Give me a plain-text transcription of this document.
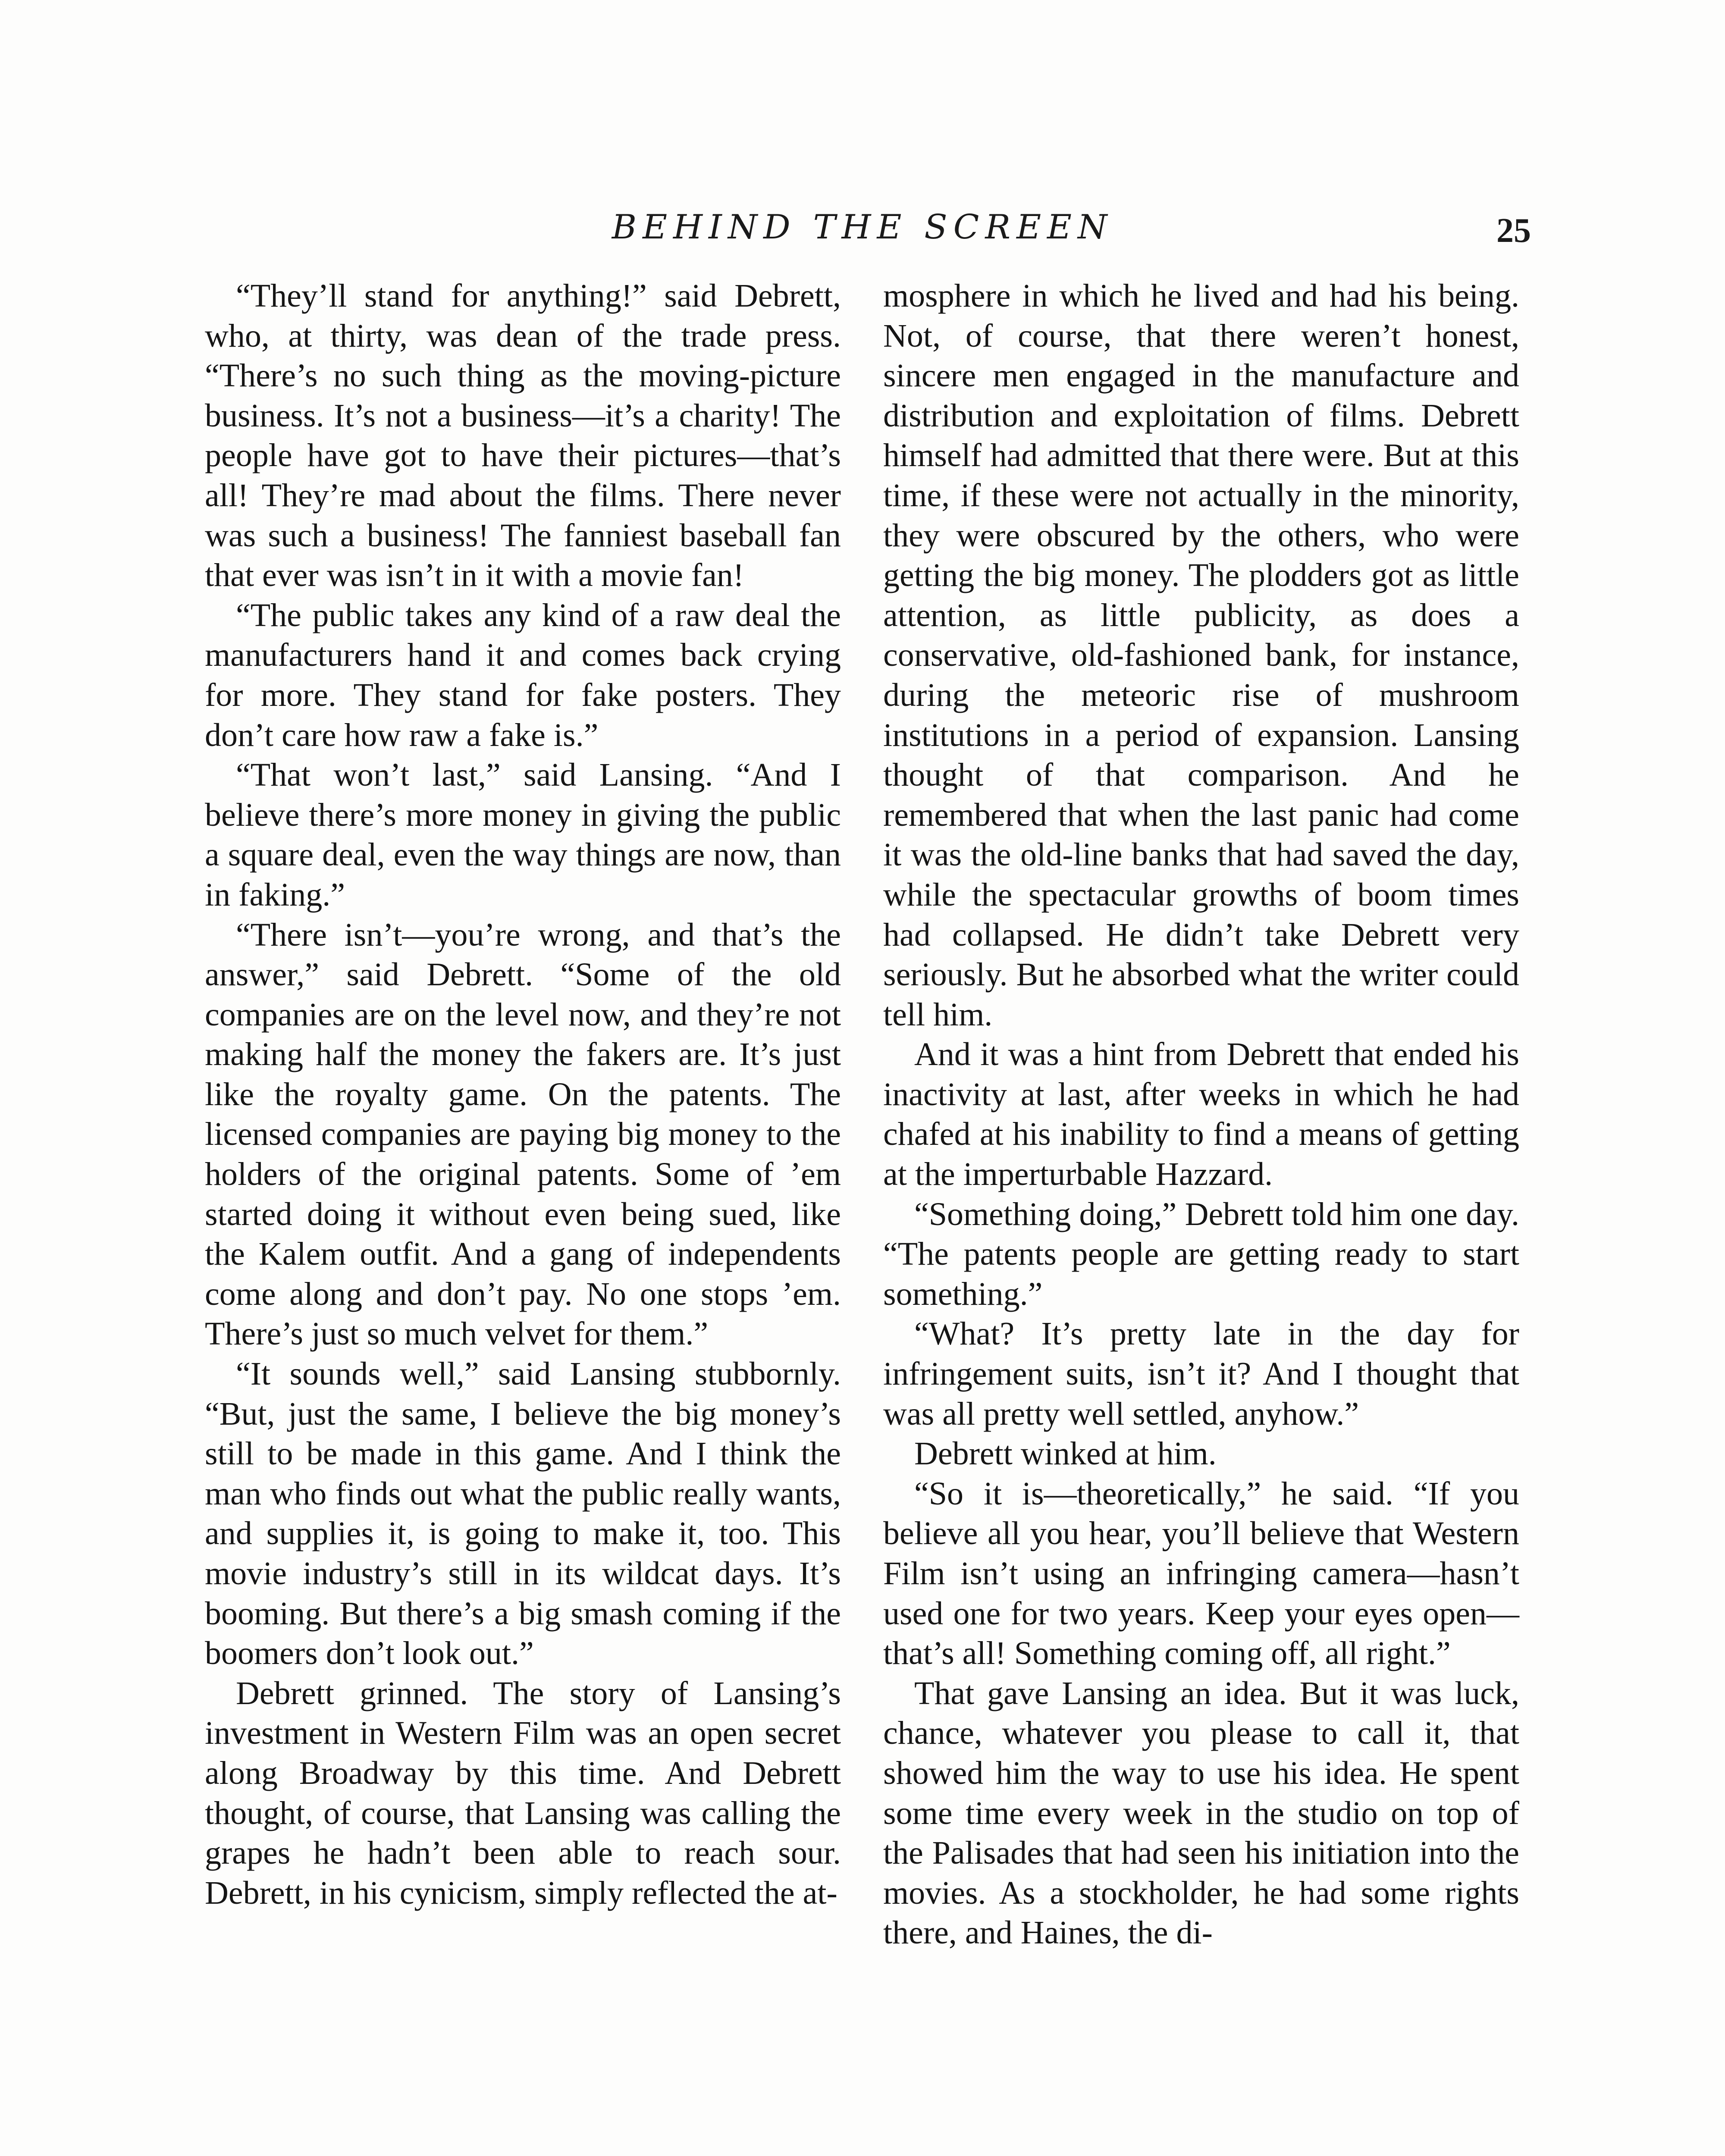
BEHIND THE SCREEN	25

“They’ll stand for anything!” said Debrett, who, at thirty, was dean of the trade press. “There’s no such thing as the moving-picture business. It’s not a business—it’s a charity! The people have got to have their pictures—that’s all! They’re mad about the films. There never was such a business! The fanniest baseball fan that ever was isn’t in it with a movie fan!

“The public takes any kind of a raw deal the manufacturers hand it and comes back crying for more. They stand for fake posters. They don’t care how raw a fake is.”

“That won’t last,” said Lansing. “And I believe there’s more money in giving the public a square deal, even the way things are now, than in faking.”

“There isn’t—you’re wrong, and that’s the answer,” said Debrett. “Some of the old companies are on the level now, and they’re not making half the money the fakers are. It’s just like the royalty game. On the patents. The licensed companies are paying big money to the holders of the original patents. Some of ’em started doing it without even being sued, like the Kalem outfit. And a gang of independents come along and don’t pay. No one stops ’em. There’s just so much velvet for them.”

“It sounds well,” said Lansing stubbornly. “But, just the same, I believe the big money’s still to be made in this game. And I think the man who finds out what the public really wants, and supplies it, is going to make it, too. This movie industry’s still in its wildcat days. It’s booming. But there’s a big smash coming if the boomers don’t look out.”

Debrett grinned. The story of Lansing’s investment in Western Film was an open secret along Broadway by this time. And Debrett thought, of course, that Lansing was calling the grapes he hadn’t been able to reach sour. Debrett, in his cynicism, simply reflected the at-

mosphere in which he lived and had his being. Not, of course, that there weren’t honest, sincere men engaged in the manufacture and distribution and exploitation of films. Debrett himself had admitted that there were. But at this time, if these were not actually in the minority, they were obscured by the others, who were getting the big money. The plodders got as little attention, as little publicity, as does a conservative, old-fashioned bank, for instance, during the meteoric rise of mushroom institutions in a period of expansion. Lansing thought of that comparison. And he remembered that when the last panic had come it was the old-line banks that had saved the day, while the spectacular growths of boom times had collapsed. He didn’t take Debrett very seriously. But he absorbed what the writer could tell him.

And it was a hint from Debrett that ended his inactivity at last, after weeks in which he had chafed at his inability to find a means of getting at the imperturbable Hazzard.

“Something doing,” Debrett told him one day. “The patents people are getting ready to start something.”

“What? It’s pretty late in the day for infringement suits, isn’t it? And I thought that was all pretty well settled, anyhow.”

Debrett winked at him.

“So it is—theoretically,” he said. “If you believe all you hear, you’ll believe that Western Film isn’t using an infringing camera—hasn’t used one for two years. Keep your eyes open—that’s all! Something coming off, all right.”

That gave Lansing an idea. But it was luck, chance, whatever you please to call it, that showed him the way to use his idea. He spent some time every week in the studio on top of the Palisades that had seen his initiation into the movies. As a stockholder, he had some rights there, and Haines, the di-
